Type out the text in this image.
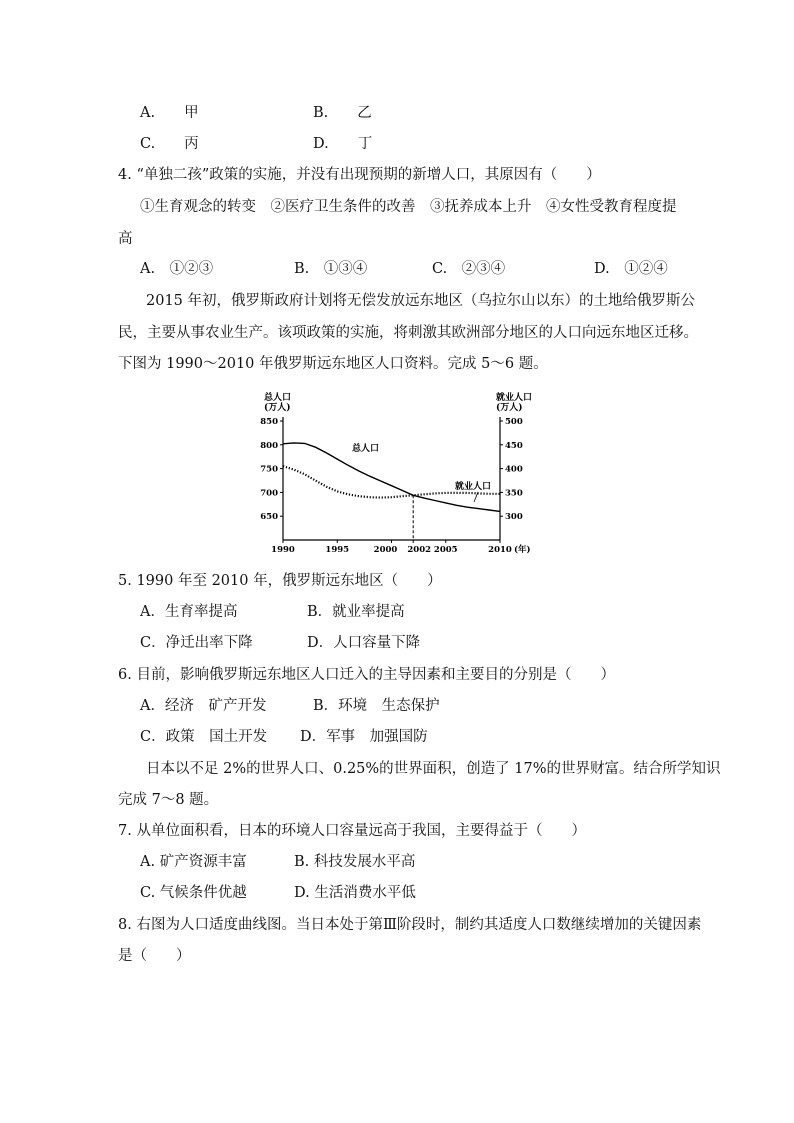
A.　　甲	B.　　乙
C.　　丙	D.　　丁
4. “单独二孩”政策的实施，并没有出现预期的新增人口，其原因有（　　）
①生育观念的转变　②医疗卫生条件的改善　③抚养成本上升　④女性受教育程度提
高
A.　①②③	B.　①③④	C.　②③④	D.　①②④
2015 年初，俄罗斯政府计划将无偿发放远东地区（乌拉尔山以东）的土地给俄罗斯公
民，主要从事农业生产。该项政策的实施，将刺激其欧洲部分地区的人口向远东地区迁移。
下图为 1990～2010 年俄罗斯远东地区人口资料。完成 5～6 题。
总人口
(万人)
就业人口
(万人)
650
700
750
800
850
300
350
400
450
500
1990	1995	2000 2002 2005	2010 (年)
总人口
就业人口
5. 1990 年至 2010 年，俄罗斯远东地区（　　）
A．生育率提高	B．就业率提高
C．净迁出率下降	D．人口容量下降
6. 目前，影响俄罗斯远东地区人口迁入的主导因素和主要目的分别是（　　）
A．经济　矿产开发	B．环境　生态保护
C．政策　国土开发 D．军事　加强国防
日本以不足 2%的世界人口、0.25%的世界面积，创造了 17%的世界财富。结合所学知识
完成 7～8 题。
7. 从单位面积看，日本的环境人口容量远高于我国，主要得益于（　　）
A. 矿产资源丰富	B. 科技发展水平高
C. 气候条件优越	D. 生活消费水平低
8. 右图为人口适度曲线图。当日本处于第Ⅲ阶段时，制约其适度人口数继续增加的关键因素
是（　　）
